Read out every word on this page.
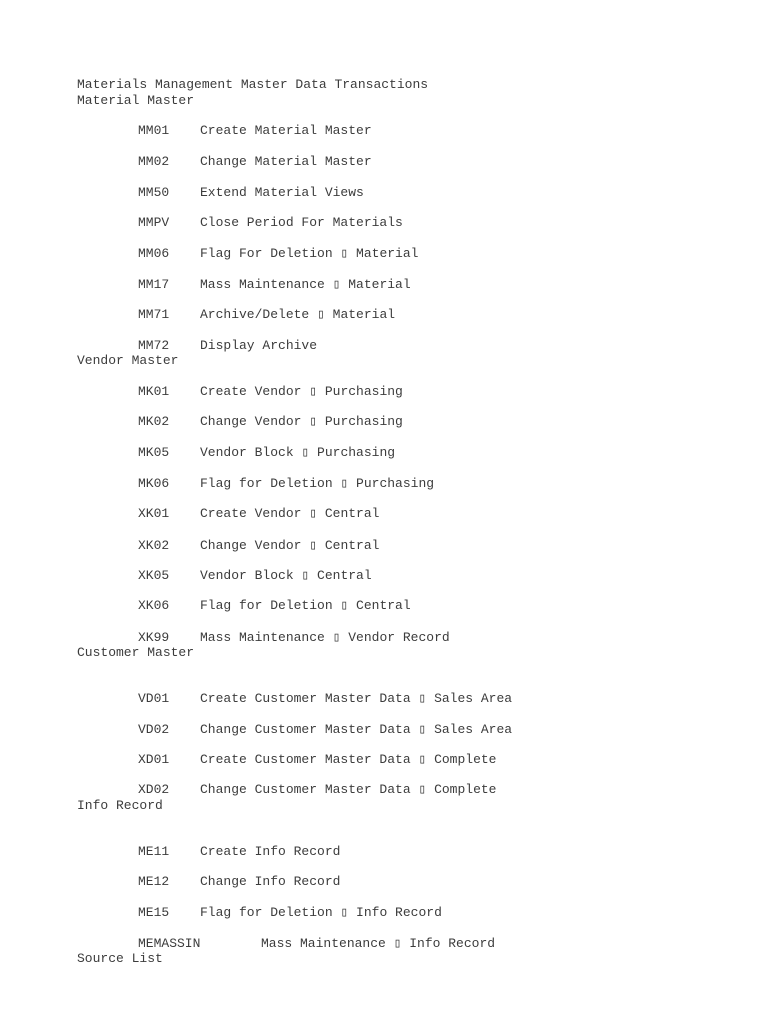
Materials Management Master Data Transactions
Material Master
MM01 Create Material Master
MM02 Change Material Master
MM50 Extend Material Views
MMPV Close Period For Materials
MM06 Flag For Deletion ▯ Material
MM17 Mass Maintenance ▯ Material
MM71 Archive/Delete ▯ Material
MM72 Display Archive
Vendor Master
MK01 Create Vendor ▯ Purchasing
MK02 Change Vendor ▯ Purchasing
MK05 Vendor Block ▯ Purchasing
MK06 Flag for Deletion ▯ Purchasing
XK01 Create Vendor ▯ Central
XK02 Change Vendor ▯ Central
XK05 Vendor Block ▯ Central
XK06 Flag for Deletion ▯ Central
XK99 Mass Maintenance ▯ Vendor Record
Customer Master
VD01 Create Customer Master Data ▯ Sales Area
VD02 Change Customer Master Data ▯ Sales Area
XD01 Create Customer Master Data ▯ Complete
XD02 Change Customer Master Data ▯ Complete
Info Record
ME11 Create Info Record
ME12 Change Info Record
ME15 Flag for Deletion ▯ Info Record
MEMASSIN	Mass Maintenance ▯ Info Record
Source List
